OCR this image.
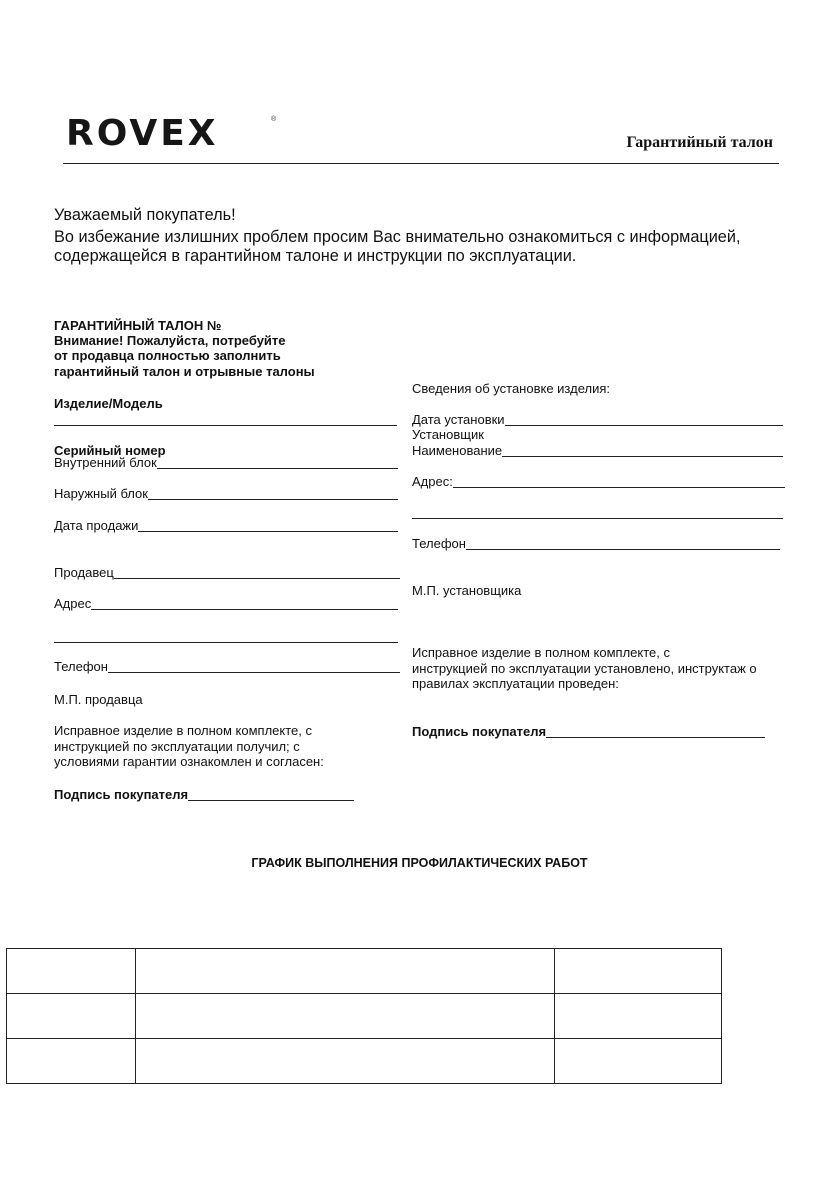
ROVEX	®
Гарантийный талон
Уважаемый покупатель!
Во избежание излишних проблем просим Вас внимательно ознакомиться с информацией,
содержащейся в гарантийном талоне и инструкции по эксплуатации.
ГАРАНТИЙНЫЙ ТАЛОН №
Внимание! Пожалуйста, потребуйте
от продавца полностью заполнить
гарантийный талон и отрывные талоны
Изделие/Модель
Серийный номер
Внутренний блок
Наружный блок
Дата продажи
Продавец
Адрес
Телефон
М.П. продавца
Исправное изделие в полном комплекте, с
инструкцией по эксплуатации получил; с
условиями гарантии ознакомлен и согласен:
Подпись покупателя
Сведения об установке изделия:
Дата установки
Установщик
Наименование
Адрес:
Телефон
М.П. установщика
Исправное изделие в полном комплекте, с
инструкцией по эксплуатации установлено, инструктаж о
правилах эксплуатации проведен:
Подпись покупателя
ГРАФИК ВЫПОЛНЕНИЯ ПРОФИЛАКТИЧЕСКИХ РАБОТ
